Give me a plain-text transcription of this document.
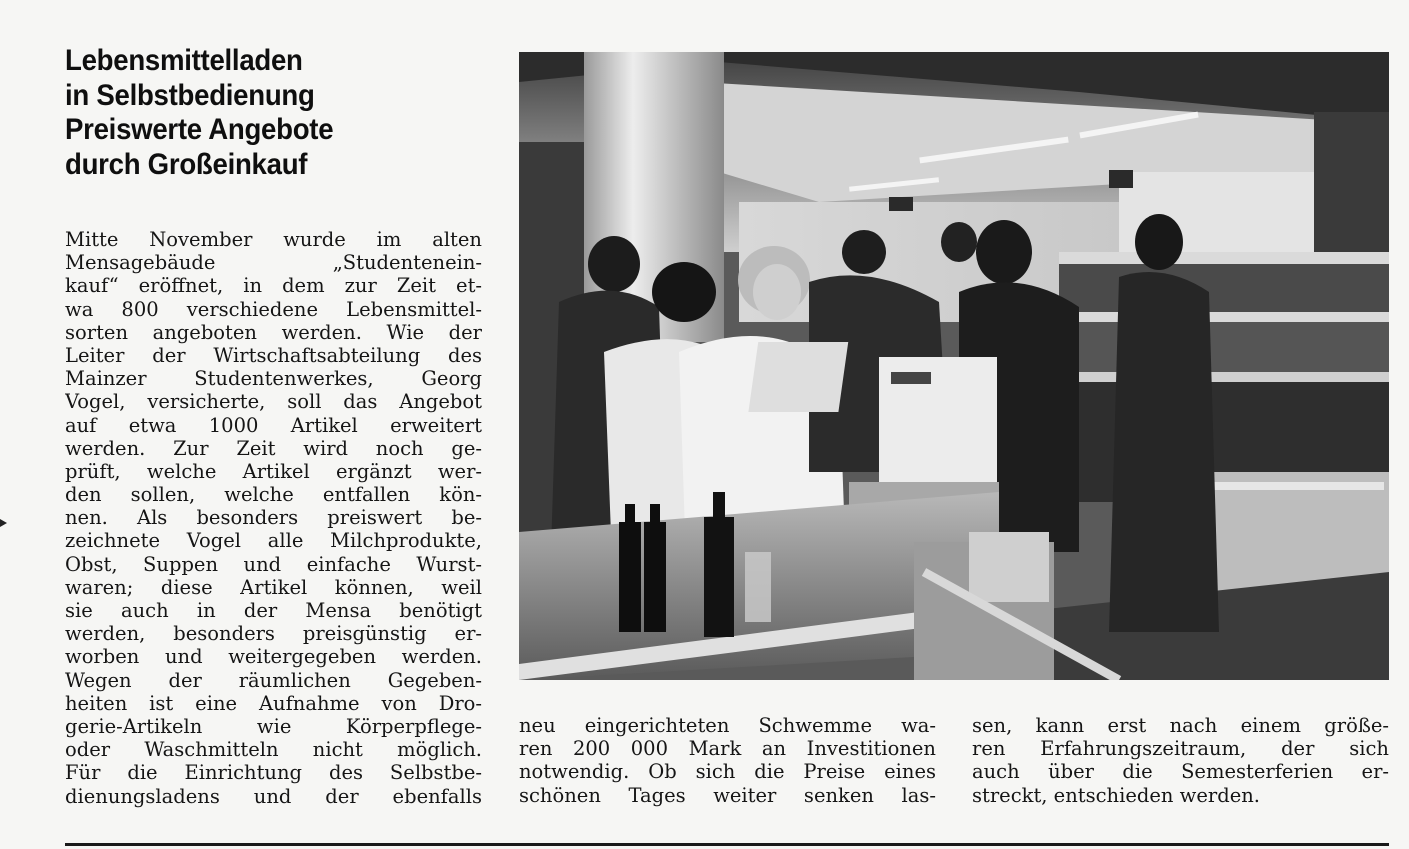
Lebensmittelladen
in Selbstbedienung
Preiswerte Angebote
durch Großeinkauf
Mitte November wurde im alten
Mensagebäude „Studentenein-
kauf“ eröffnet, in dem zur Zeit et-
wa 800 verschiedene Lebensmittel-
sorten angeboten werden. Wie der
Leiter der Wirtschaftsabteilung des
Mainzer Studentenwerkes, Georg
Vogel, versicherte, soll das Angebot
auf etwa 1000 Artikel erweitert
werden. Zur Zeit wird noch ge-
prüft, welche Artikel ergänzt wer-
den sollen, welche entfallen kön-
nen. Als besonders preiswert be-
zeichnete Vogel alle Milchprodukte,
Obst, Suppen und einfache Wurst-
waren; diese Artikel können, weil
sie auch in der Mensa benötigt
werden, besonders preisgünstig er-
worben und weitergegeben werden.
Wegen der räumlichen Gegeben-
heiten ist eine Aufnahme von Dro-
gerie-Artikeln wie Körperpflege-
oder Waschmitteln nicht möglich.
Für die Einrichtung des Selbstbe-
dienungsladens und der ebenfalls
neu eingerichteten Schwemme wa-
ren 200 000 Mark an Investitionen
notwendig. Ob sich die Preise eines
schönen Tages weiter senken las-
sen, kann erst nach einem größe-
ren Erfahrungszeitraum, der sich
auch über die Semesterferien er-
streckt, entschieden werden.
